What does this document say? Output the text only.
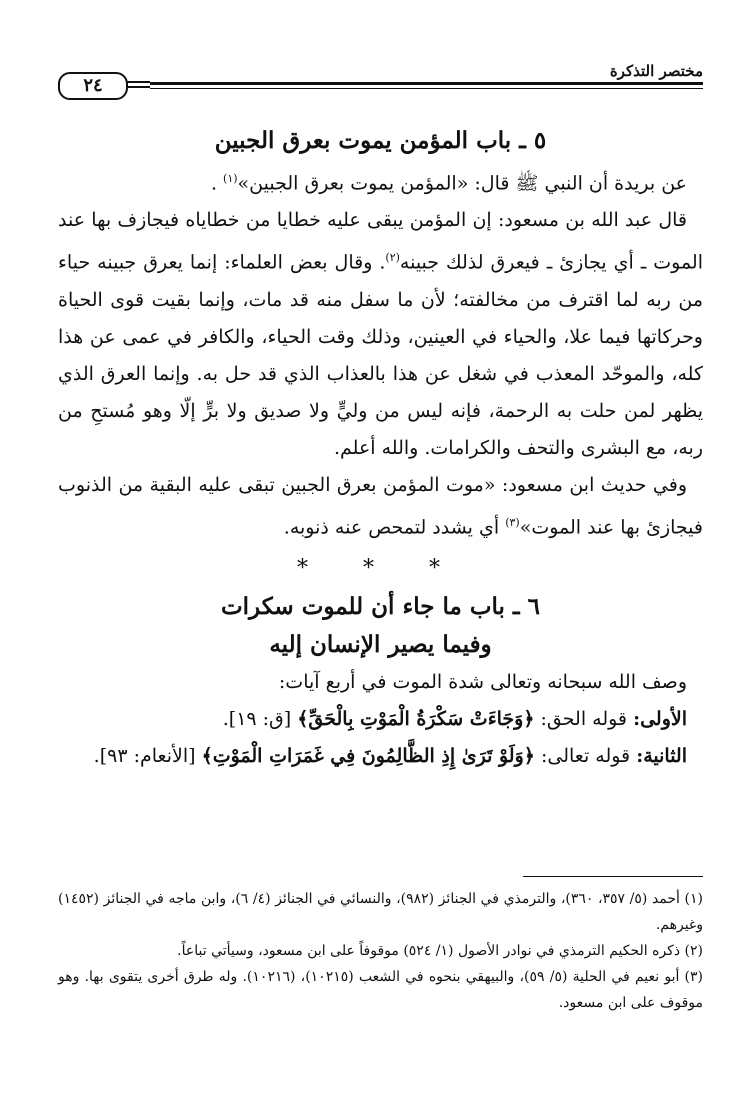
مختصر التذكرة
٢٤
٥ ـ باب المؤمن يموت بعرق الجبين

عن بريدة أن النبي ﷺ قال: «المؤمن يموت بعرق الجبين»$^{(١)}$ .

قال عبد الله بن مسعود: إن المؤمن يبقى عليه خطايا من خطاياه فيجازف بها عند الموت ـ أي يجازئ ـ فيعرق لذلك جبينه$^{(٢)}$. وقال بعض العلماء: إنما يعرق جبينه حياء من ربه لما اقترف من مخالفته؛ لأن ما سفل منه قد مات، وإنما بقيت قوى الحياة وحركاتها فيما علا، والحياء في العينين، وذلك وقت الحياء، والكافر في عمى عن هذا كله، والموحّد المعذب في شغل عن هذا بالعذاب الذي قد حل به. وإنما العرق الذي يظهر لمن حلت به الرحمة، فإنه ليس من وليٍّ ولا صديق ولا برٍّ إلّا وهو مُستحِ من ربه، مع البشرى والتحف والكرامات. والله أعلم.

وفي حديث ابن مسعود: «موت المؤمن بعرق الجبين تبقى عليه البقية من الذنوب فيجازئ بها عند الموت»$^{(٣)}$ أي يشدد لتمحص عنه ذنوبه.

* * *
٦ ـ باب ما جاء أن للموت سكرات
وفيما يصير الإنسان إليه

وصف الله سبحانه وتعالى شدة الموت في أربع آيات:

الأولى: قوله الحق: ﴿وَجَاءَتْ سَكْرَةُ الْمَوْتِ بِالْحَقِّ﴾ [ق: ١٩].

الثانية: قوله تعالى: ﴿وَلَوْ تَرَىٰ إِذِ الظَّالِمُونَ فِي غَمَرَاتِ الْمَوْتِ﴾ [الأنعام: ٩٣].

(١) أحمد (٥/ ٣٥٧، ٣٦٠)، والترمذي في الجنائز (٩٨٢)، والنسائي في الجنائز (٤/ ٦)، وابن ماجه في الجنائز (١٤٥٢) وغيرهم.

(٢) ذكره الحكيم الترمذي في نوادر الأصول (١/ ٥٢٤) موقوفاً على ابن مسعود، وسيأتي تباعاً.

(٣) أبو نعيم في الحلية (٥/ ٥٩)، والبيهقي بنحوه في الشعب (١٠٢١٥)، (١٠٢١٦). وله طرق أخرى يتقوى بها. وهو موقوف على ابن مسعود.
